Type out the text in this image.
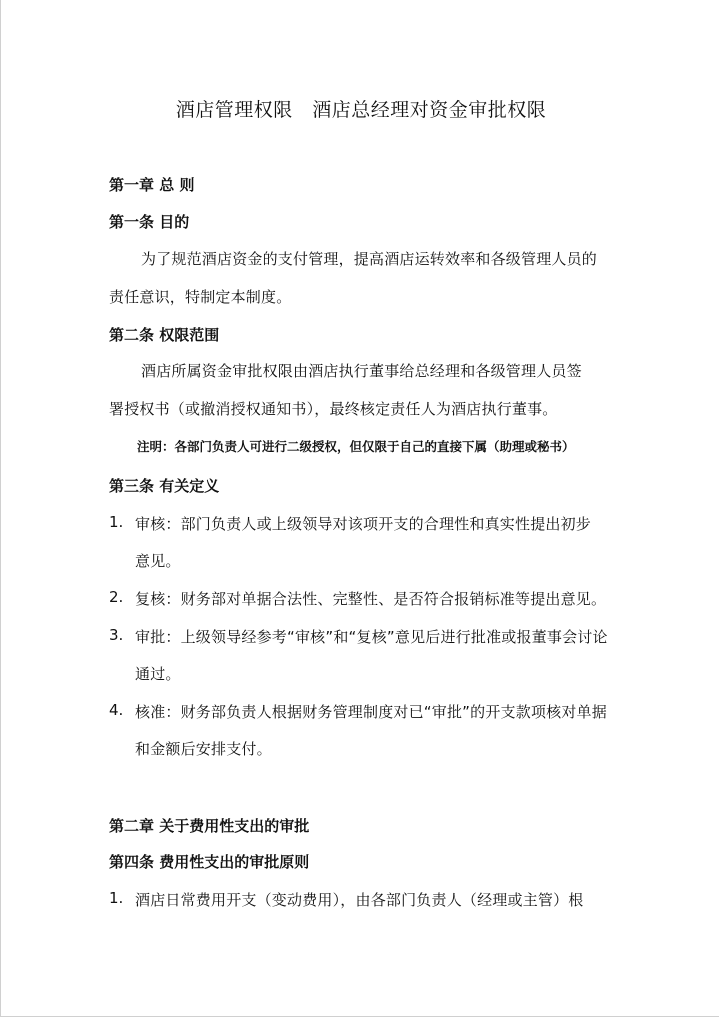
酒店管理权限　酒店总经理对资金审批权限
第一章 总 则
第一条 目的
为了规范酒店资金的支付管理，提高酒店运转效率和各级管理人员的
责任意识，特制定本制度。
第二条 权限范围
酒店所属资金审批权限由酒店执行董事给总经理和各级管理人员签
署授权书（或撤消授权通知书），最终核定责任人为酒店执行董事。
注明：各部门负责人可进行二级授权，但仅限于自己的直接下属（助理或秘书）
第三条 有关定义
1. 审核：部门负责人或上级领导对该项开支的合理性和真实性提出初步
意见。
2. 复核：财务部对单据合法性、完整性、是否符合报销标准等提出意见。
3. 审批：上级领导经参考“审核”和“复核”意见后进行批准或报董事会讨论
通过。
4. 核准：财务部负责人根据财务管理制度对已“审批”的开支款项核对单据
和金额后安排支付。
第二章 关于费用性支出的审批
第四条 费用性支出的审批原则
1. 酒店日常费用开支（变动费用），由各部门负责人（经理或主管）根
